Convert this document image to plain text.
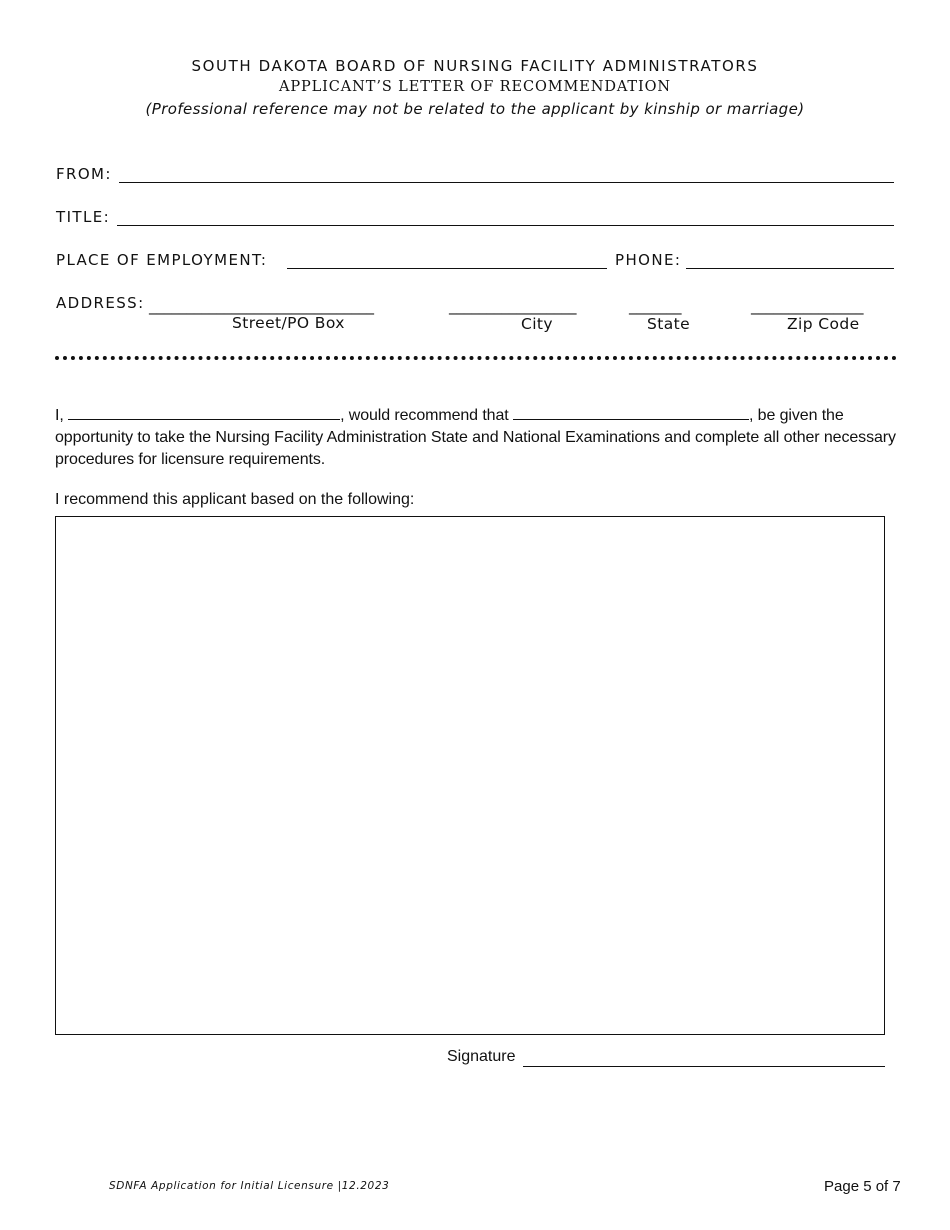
SOUTH DAKOTA BOARD OF NURSING FACILITY ADMINISTRATORS
APPLICANT’S LETTER OF RECOMMENDATION
(Professional reference may not be related to the applicant by kinship or marriage)
FROM:
TITLE:
PLACE OF EMPLOYMENT:	PHONE:
ADDRESS: ______________________________	_________________	_______	_______________
Street/PO Box	City	State	Zip Code
I,	, would recommend that	, be given the opportunity to take the Nursing Facility Administration State and National Examinations and complete all other necessary procedures for licensure requirements.
I recommend this applicant based on the following:
Signature
SDNFA Application for Initial Licensure |12.2023	Page 5 of 7
